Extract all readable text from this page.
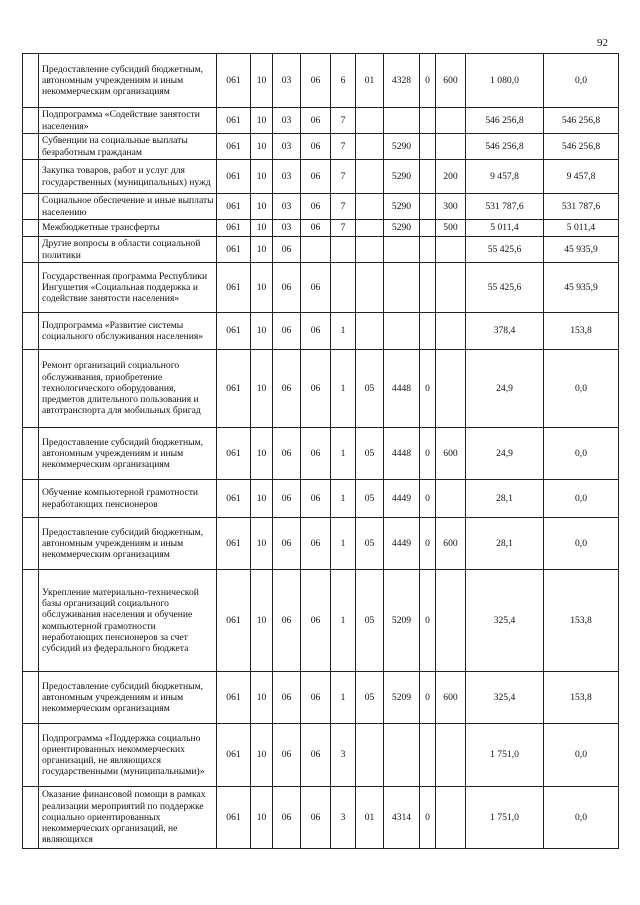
92
	Предоставление субсидий бюджетным, автономным учреждениям и иным некоммерческим организациям	061	10	03	06	6	01	4328	0	600	1 080,0	0,0
	Подпрограмма «Содействие занятости населения»	061	10	03	06	7					546 256,8	546 256,8
	Субвенции на социальные выплаты безработным гражданам	061	10	03	06	7		5290			546 256,8	546 256,8
	Закупка товаров, работ и услуг для государственных (муниципальных) нужд	061	10	03	06	7		5290		200	9 457,8	9 457,8
	Социальное обеспечение и иные выплаты населению	061	10	03	06	7		5290		300	531 787,6	531 787,6
	Межбюджетные трансферты	061	10	03	06	7		5290		500	5 011,4	5 011,4
	Другие вопросы в области социальной политики	061	10	06							55 425,6	45 935,9
	Государственная программа Республики Ингушетия «Социальная поддержка и содействие занятости населения»	061	10	06	06						55 425,6	45 935,9
	Подпрограмма «Развитие системы социального обслуживания населения»	061	10	06	06	1					378,4	153,8
	Ремонт организаций социального обслуживания, приобретение технологического оборудования, предметов длительного пользования и автотранспорта для мобильных бригад	061	10	06	06	1	05	4448	0		24,9	0,0
	Предоставление субсидий бюджетным, автономным учреждениям и иным некоммерческим организациям	061	10	06	06	1	05	4448	0	600	24,9	0,0
	Обучение компьютерной грамотности неработающих пенсионеров	061	10	06	06	1	05	4449	0		28,1	0,0
	Предоставление субсидий бюджетным, автономным учреждениям и иным некоммерческим организациям	061	10	06	06	1	05	4449	0	600	28,1	0,0
	Укрепление материально-технической базы организаций социального обслуживания населения и обучение компьютерной грамотности неработающих пенсионеров за счет субсидий из федерального бюджета	061	10	06	06	1	05	5209	0		325,4	153,8
	Предоставление субсидий бюджетным, автономным учреждениям и иным некоммерческим организациям	061	10	06	06	1	05	5209	0	600	325,4	153,8
	Подпрограмма «Поддержка социально ориентированных некоммерческих организаций, не являющихся государственными (муниципальными)»	061	10	06	06	3					1 751,0	0,0
	Оказание финансовой помощи в рамках реализации мероприятий по поддержке социально ориентированных некоммерческих организаций, не являющихся	061	10	06	06	3	01	4314	0		1 751,0	0,0
